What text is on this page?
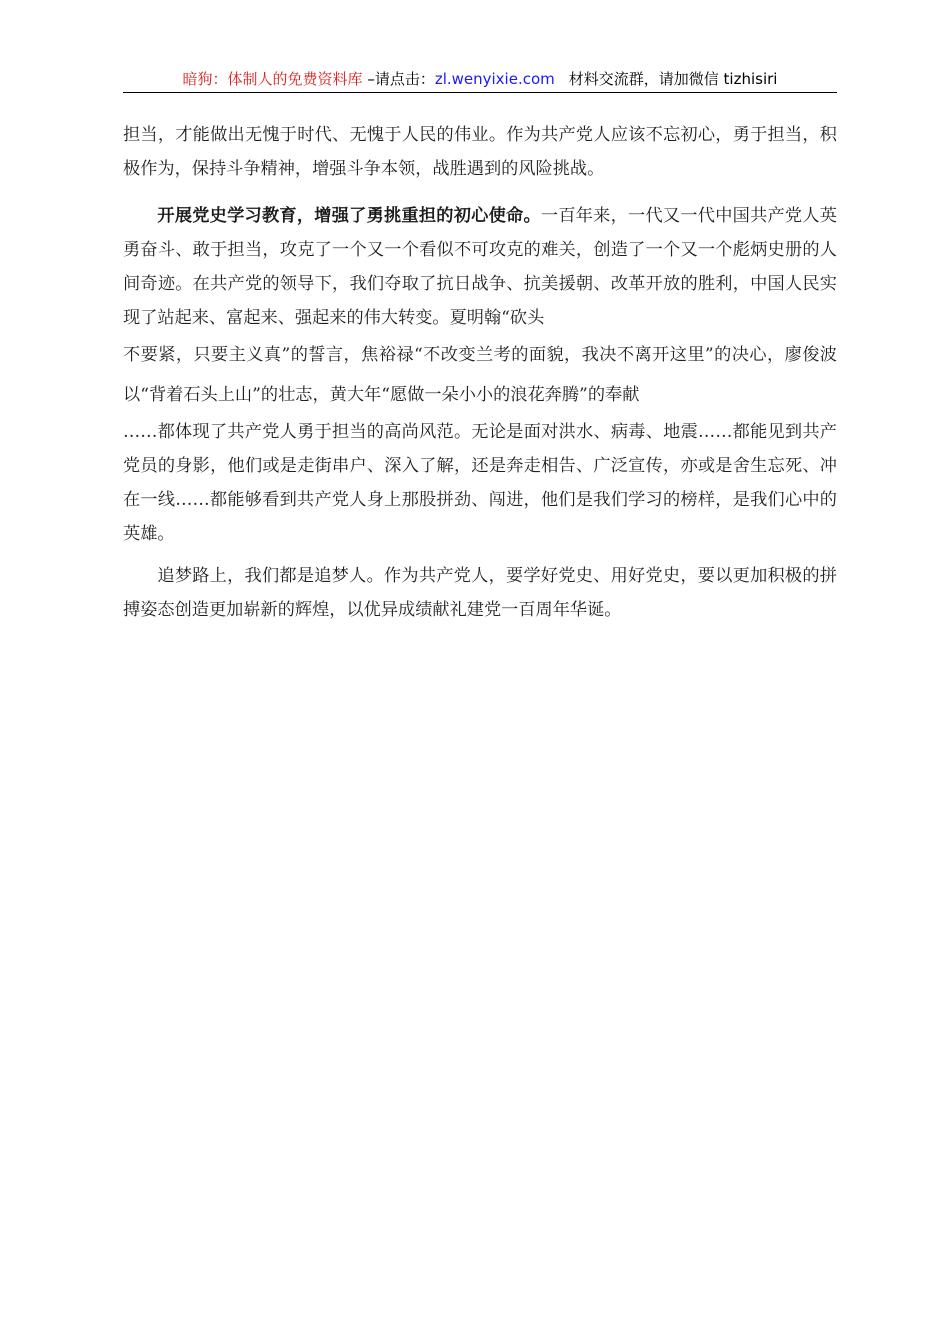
暗狗：体制人的免费资料库 –请点击：zl.wenyixie.com 材料交流群，请加微信 tizhisiri

担当，才能做出无愧于时代、无愧于人民的伟业。作为共产党人应该不忘初心，勇于担当，积极作为，保持斗争精神，增强斗争本领，战胜遇到的风险挑战。

开展党史学习教育，增强了勇挑重担的初心使命。一百年来，一代又一代中国共产党人英勇奋斗、敢于担当，攻克了一个又一个看似不可攻克的难关，创造了一个又一个彪炳史册的人间奇迹。在共产党的领导下，我们夺取了抗日战争、抗美援朝、改革开放的胜利，中国人民实现了站起来、富起来、强起来的伟大转变。夏明翰“砍头

不要紧，只要主义真”的誓言，焦裕禄“不改变兰考的面貌，我决不离开这里”的决心，廖俊波以“背着石头上山”的壮志，黄大年“愿做一朵小小的浪花奔腾”的奉献

……都体现了共产党人勇于担当的高尚风范。无论是面对洪水、病毒、地震……都能见到共产党员的身影，他们或是走街串户、深入了解，还是奔走相告、广泛宣传，亦或是舍生忘死、冲在一线……都能够看到共产党人身上那股拼劲、闯进，他们是我们学习的榜样，是我们心中的英雄。

追梦路上，我们都是追梦人。作为共产党人，要学好党史、用好党史，要以更加积极的拼搏姿态创造更加崭新的辉煌，以优异成绩献礼建党一百周年华诞。
